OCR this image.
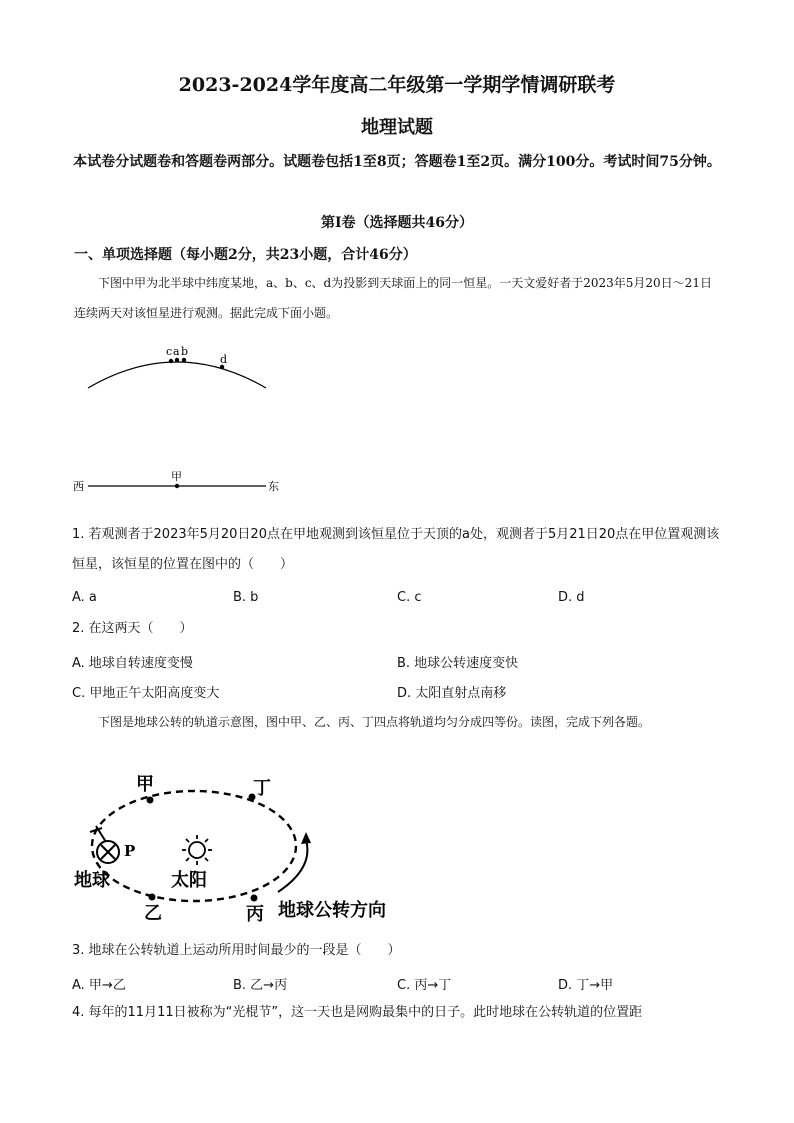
2023-2024学年度高二年级第一学期学情调研联考
地理试题
本试卷分试题卷和答题卷两部分。试题卷包括1至8页；答题卷1至2页。满分100分。考试时间75分钟。
第Ⅰ卷（选择题共46分）
一、单项选择题（每小题2分，共23小题，合计46分）
下图中甲为北半球中纬度某地，a、b、c、d为投影到天球面上的同一恒星。一天文爱好者于2023年5月20日～21日连续两天对该恒星进行观测。据此完成下面小题。
c a b
d
甲
西	东
1. 若观测者于2023年5月20日20点在甲地观测到该恒星位于天顶的a处，观测者于5月21日20点在甲位置观测该恒星，该恒星的位置在图中的（　　）
A. a	B. b	C. c	D. d
2. 在这两天（　　）
A. 地球自转速度变慢	B. 地球公转速度变快
C. 甲地正午太阳高度变大	D. 太阳直射点南移
下图是地球公转的轨道示意图，图中甲、乙、丙、丁四点将轨道均匀分成四等份。读图，完成下列各题。
甲	丁
乙	丙
P
地球	太阳
地球公转方向
3. 地球在公转轨道上运动所用时间最少的一段是（　　）
A. 甲→乙	B. 乙→丙	C. 丙→丁	D. 丁→甲
4. 每年的11月11日被称为“光棍节”，这一天也是网购最集中的日子。此时地球在公转轨道的位置距
